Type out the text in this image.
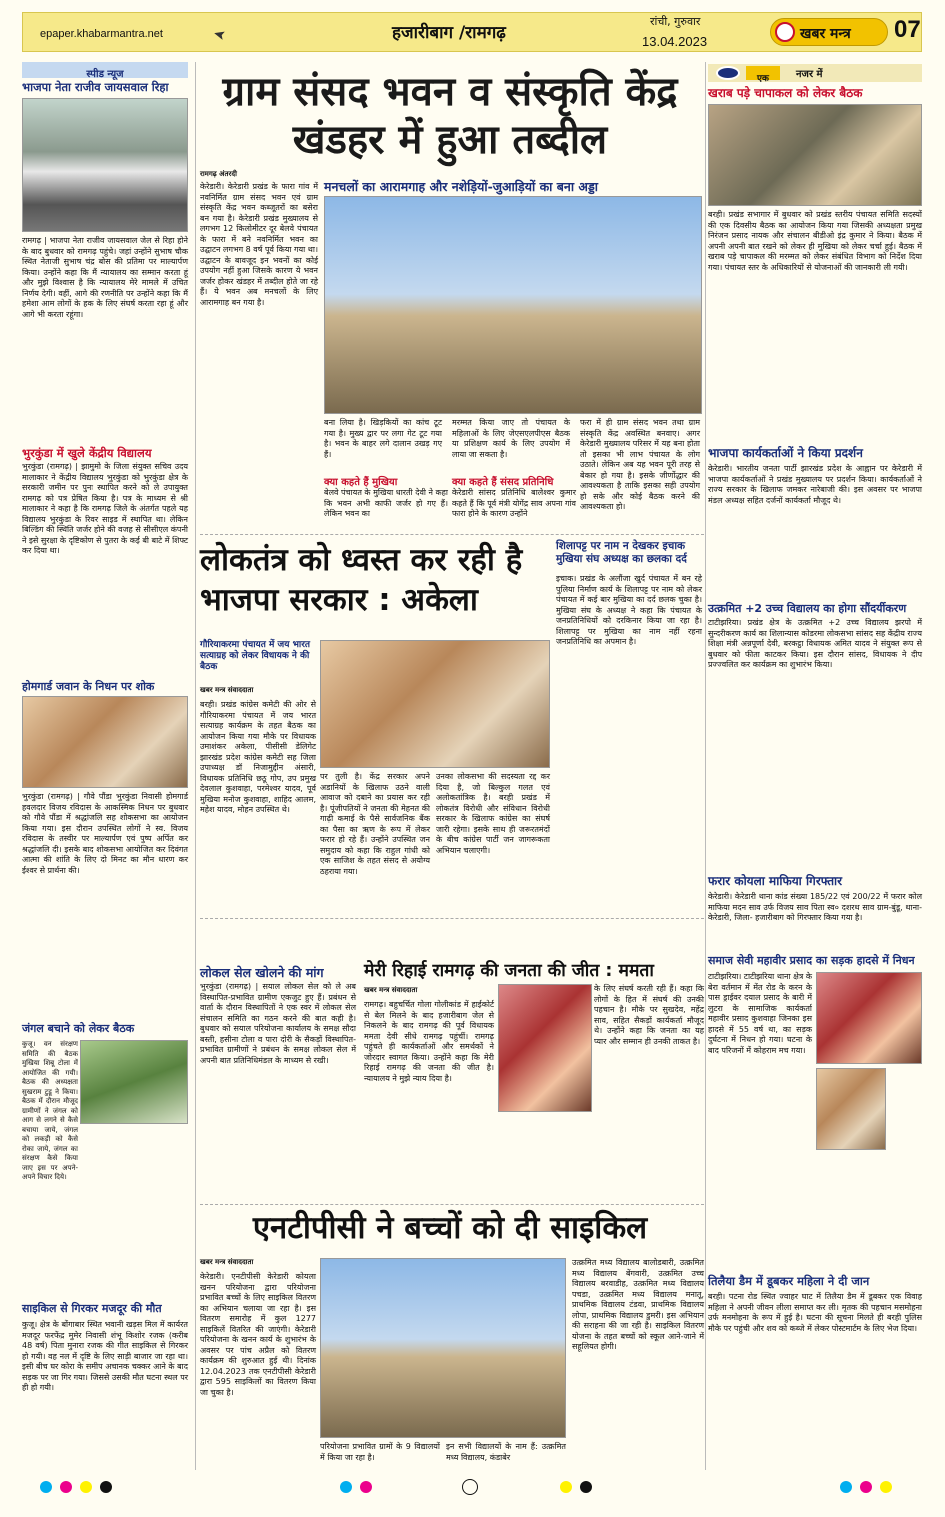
epaper.khabarmantra.net	हजारीबाग /रामगढ़
रांची, गुरुवार
13.04.2023	खबर मन्त्र 07
स्पीड न्यूज
भाजपा नेता राजीव जायसवाल रिहा
रामगढ़ | भाजपा नेता राजीव जायसवाल जेल से रिहा होने के बाद बुधवार को रामगढ़ पहुंचे। जहां उन्होंने सुभाष चौक स्थित नेताजी सुभाष चंद्र बोस की प्रतिमा पर माल्यार्पण किया। उन्होंने कहा कि मैं न्यायालय का सम्मान करता हूं और मुझे विश्वास है कि न्यायालय मेरे मामले में उचित निर्णय देगी। वहीं, आगे की रणनीति पर उन्होंने कहा कि मैं हमेशा आम लोगों के हक के लिए संघर्ष करता रहा हूं और आगे भी करता रहूंगा।
भुरकुंडा में खुले केंद्रीय विद्यालय
भुरकुंडा (रामगढ़) | झामुमो के जिला संयुक्त सचिव उदय मालाकार ने केंद्रीय विद्यालय भुरकुंडा को भुरकुंडा क्षेत्र के सरकारी जमीन पर पुनः स्थापित करने को ले उपायुक्त रामगढ़ को पत्र प्रेषित किया है। पत्र के माध्यम से श्री मालाकार ने कहा है कि रामगढ़ जिले के अंतर्गत पहले यह विद्यालय भुरकुंडा के रिवर साइड में स्थापित था। लेकिन बिल्डिंग की स्थिति जर्जर होने की वजह से सीसीएल कंपनी ने इसे सुरक्षा के दृष्टिकोण से पुतरा के कई बी बाटे में शिफ्ट कर दिया था।
होमगार्ड जवान के निधन पर शोक
भुरकुंडा (रामगढ़) | गौवे पौंडा भुरकुंडा निवासी होमगार्ड हवलदार विजय रविदास के आकस्मिक निधन पर बुधवार को गौवे पौंडा में श्रद्धांजलि सह शोकसभा का आयोजन किया गया। इस दौरान उपस्थित लोगों ने स्व. विजय रविदास के तस्वीर पर माल्यार्पण एवं पुष्प अर्पित कर श्रद्धांजलि दी। इसके बाद शोकसभा आयोजित कर दिवंगत आत्मा की शांति के लिए दो मिनट का मौन धारण कर ईश्वर से प्रार्थना की।
जंगल बचाने को लेकर बैठक
कुजू। वन संरक्षण समिति की बैठक मुखिया शिबू टोला में आयोजित की गयी। बैठक की अध्यक्षता सुखराम टुडू ने किया। बैठक में दौरान मौजूद ग्रामीणों ने जंगल को आग से लगने से कैसे बचाया जाये, जंगल को लकड़ी को कैसे रोका जाये, जंगल का संरक्षण कैसे किया जाए इस पर अपने-अपने विचार दिये।
साइकिल से गिरकर मजदूर की मौत
कुजू। क्षेत्र के बोंगाबार स्थित भवानी खड़स मिल में कार्यरत मजदूर फरफेंद्र मुमेर निवासी शंभू किशोर रजक (करीब 48 वर्ष) पिता मुनारा रजक की गीत साइकिल से गिरकर हो गयी। वह नल में दृष्टि के लिए साड़ी बाजार जा रहा था। इसी बीच घर कोरा के समीप अचानक चक्कर आने के बाद सड़क पर जा गिर गया। जिससे उसकी मौत घटना स्थल पर ही हो गयी।
ग्राम संसद भवन व संस्कृति केंद्र खंडहर में हुआ तब्दील
रामगढ़ अंतरदी
मनचलों का आरामगाह और नशेड़ियों-जुआड़ियों का बना अड्डा
केरेडारी। केरेडारी प्रखंड के फारा गांव में नवनिर्मित ग्राम संसद भवन एवं ग्राम संस्कृति केंद्र भवन कब्जूतरों का बसेरा बन गया है। केरेडारी प्रखंड मुख्यालय से लगभग 12 किलोमीटर दूर बेलवे पंचायत के फारा में बने नवनिर्मित भवन का उद्घाटन लगभग 8 वर्ष पूर्व किया गया था। उद्घाटन के बावजूद इन भवनों का कोई उपयोग नहीं हुआ जिसके कारण ये भवन जर्जर होकर खंडहर में तब्दील होते जा रहे हैं। ये भवन अब मनचलों के लिए आरामगाह बन गया है।
बना लिया है। खिड़कियों का कांच टूट गया है। मुख्य द्वार पर लगा गेट टूट गया है। भवन के बाहर लगे दालान उखड़ गए हैं।
मरम्मत किया जाए तो पंचायत के महिलाओं के लिए जेएसएलपीएस बैठक या प्रशिक्षण कार्य के लिए उपयोग में लाया जा सकता है।
फरा में ही ग्राम संसद भवन तथा ग्राम संस्कृति केंद्र अवस्थित बनवाए। अगर केरेडारी मुख्यालय परिसर में यह बना होता तो इसका भी लाभ पंचायत के लोग उठाते। लेकिन अब यह भवन पूरी तरह से बेकार हो गया है। इसके जीर्णोद्धार की आवश्यकता है ताकि इसका सही उपयोग हो सके और कोई बैठक करने की आवश्यकता हो।
क्या कहते हैं मुखिया
बेलवे पंचायत के मुखिया धारती देवी ने कहा कि भवन अभी काफी जर्जर हो गए हैं। लेकिन भवन का
क्या कहते हैं संसद प्रतिनिधि
केरेडारी सांसद प्रतिनिधि बालेश्वर कुमार कहते हैं कि पूर्व मंत्री योगेंद्र साव अपना गांव फारा होने के कारण उन्होंने
लोकतंत्र को ध्वस्त कर रही है भाजपा सरकार : अकेला
गौरियाकरमा पंचायत में जय भारत सत्याग्रह को लेकर विधायक ने की बैठक
खबर मन्त्र संवाददाता
बरही। प्रखंड कांग्रेस कमेटी की ओर से गौरियाकरमा पंचायत में जय भारत सत्याग्रह कार्यक्रम के तहत बैठक का आयोजन किया गया मौके पर विधायक उमाशंकर अकेला, पीसीसी डेलिगेट झारखंड प्रदेश कांग्रेस कमेटी सह जिला उपाध्यक्ष डॉ निजामुद्दीन अंसारी, विधायक प्रतिनिधि छठू गोप, उप प्रमुख देवलाल कुशवाहा, परमेश्वर यादव, पूर्व मुखिया मनोज कुशवाहा, शाहिद आलम, महेश यादव, मोहन उपस्थित थे।
पर तुली है। केंद्र सरकार अपने अडानियों के खिलाफ उठने वाली आवाज को दबाने का प्रयास कर रही है। पूंजीपतियों ने जनता की मेहनत की गाढ़ी कमाई के पैसे सार्वजनिक बैंक का पैसा का ऋण के रूप में लेकर फरार हो रहे हैं। उन्होंने उपस्थित जन समुदाय को कहा कि राहुल गांधी को एक साजिश के तहत संसद से अयोग्य ठहराया गया।
उनका लोकसभा की सदस्यता रद्द कर दिया है, जो बिल्कुल गलत एवं अलोकतांत्रिक है। बरही प्रखंड में लोकतंत्र विरोधी और संविधान विरोधी सरकार के खिलाफ कांग्रेस का संघर्ष जारी रहेगा। इसके साथ ही जरूरतमंदों के बीच कांग्रेस पार्टी जन जागरूकता अभियान चलाएगी।
शिलापट्ट पर नाम न देखकर इचाक मुखिया संघ अध्यक्ष का छलका दर्द
इचाक। प्रखंड के अलौंजा खुर्द पंचायत में बन रहे पुलिया निर्माण कार्य के शिलापट्ट पर नाम को लेकर पंचायत में कई बार मुखिया का दर्द छलक चुका है। मुखिया संघ के अध्यक्ष ने कहा कि पंचायत के जनप्रतिनिधियों को दरकिनार किया जा रहा है। शिलापट्ट पर मुखिया का नाम नहीं रहना जनप्रतिनिधि का अपमान है।
लोकल सेल खोलने की मांग
भुरकुंडा (रामगढ़) | सयाल लोकल सेल को ले अब विस्थापित-प्रभावित ग्रामीण एकजुट हुए हैं। प्रबंधन से वार्ता के दौरान विस्थापितों ने एक स्वर में लोकल सेल संचालन समिति का गठन करने की बात कही है। बुधवार को सयाल परियोजना कार्यालय के समक्ष सौदा बस्ती, हसीना टोला व पारा दोरी के सैकड़ों विस्थापित-प्रभावित ग्रामीणों ने प्रबंधन के समक्ष लोकल सेल में अपनी बात प्रतिनिधिमंडल के माध्यम से रखी।
मेरी रिहाई रामगढ़ की जनता की जीत : ममता
खबर मन्त्र संवाददाता
रामगढ़। बहुचर्चित गोला गोलीकांड में हाईकोर्ट से बेल मिलने के बाद हजारीबाग जेल से निकलने के बाद रामगढ़ की पूर्व विधायक ममता देवी सीधे रामगढ़ पहुंचीं। रामगढ़ पहुंचते ही कार्यकर्ताओं और समर्थकों ने जोरदार स्वागत किया। उन्होंने कहा कि मेरी रिहाई रामगढ़ की जनता की जीत है। न्यायालय ने मुझे न्याय दिया है।
के लिए संघर्ष करती रही हैं। कहा कि लोगों के हित में संघर्ष की उनकी पहचान है। मौके पर सुखदेव, महेंद्र साव, सहित सैकड़ों कार्यकर्ता मौजूद थे। उन्होंने कहा कि जनता का यह प्यार और सम्मान ही उनकी ताकत है।
एनटीपीसी ने बच्चों को दी साइकिल
खबर मन्त्र संवाददाता
केरेडारी। एनटीपीसी केरेडारी कोयला खनन परियोजना द्वारा परियोजना प्रभावित बच्चों के लिए साइकिल वितरण का अभियान चलाया जा रहा है। इस वितरण समारोह में कुल 1277 साइकिलें वितरित की जाएंगी। केरेडारी परियोजना के खनन कार्य के शुभारंभ के अवसर पर पांच अप्रैल को वितरण कार्यक्रम की शुरुआत हुई थी। दिनांक 12.04.2023 तक एनटीपीसी केरेडारी द्वारा 595 साइकिलों का वितरण किया जा चुका है।
परियोजना प्रभावित ग्रामों के 9 विद्यालयों में किया जा रहा है।
इन सभी विद्यालयों के नाम हैं: उत्क्रमित मध्य विद्यालय, कंडाबेर
उत्क्रमित मध्य विद्यालय बालोडबारी, उत्क्रमित मध्य विद्यालय बेंगवारी, उत्क्रमित उच्च विद्यालय बरवाडीह, उत्क्रमित मध्य विद्यालय पचडा, उत्क्रमित मध्य विद्यालय मनातू, प्राथमिक विद्यालय टंडवा, प्राथमिक विद्यालय लोपा, प्राथमिक विद्यालय डुमरी। इस अभियान की सराहना की जा रही है। साइकिल वितरण योजना के तहत बच्चों को स्कूल आने-जाने में सहूलियत होगी।
एक	नजर में
खराब पड़े चापाकल को लेकर बैठक
बरही। प्रखंड सभागार में बुधवार को प्रखंड स्तरीय पंचायत समिति सदस्यों की एक दिवसीय बैठक का आयोजन किया गया जिसकी अध्यक्षता प्रमुख निरंजन प्रसाद नायक और संचालन बीडीओ इंद्र कुमार ने किया। बैठक में अपनी अपनी बात रखने को लेकर ही मुखिया को लेकर चर्चा हुई। बैठक में खराब पड़े चापाकल की मरम्मत को लेकर संबंधित विभाग को निर्देश दिया गया। पंचायत स्तर के अधिकारियों से योजनाओं की जानकारी ली गयी।
भाजपा कार्यकर्ताओं ने किया प्रदर्शन
केरेडारी। भारतीय जनता पार्टी झारखंड प्रदेश के आह्वान पर केरेडारी में भाजपा कार्यकर्ताओं ने प्रखंड मुख्यालय पर प्रदर्शन किया। कार्यकर्ताओं ने राज्य सरकार के खिलाफ जमकर नारेबाजी की। इस अवसर पर भाजपा मंडल अध्यक्ष सहित दर्जनों कार्यकर्ता मौजूद थे।
उत्क्रमित +2 उच्च विद्यालय का होगा सौंदर्यीकरण
टाटीझरिया। प्रखंड क्षेत्र के उत्क्रमित +2 उच्च विद्यालय झरपो में सुन्दरीकरण कार्य का शिलान्यास कोडरमा लोकसभा सांसद सह केंद्रीय राज्य शिक्षा मंत्री अन्नपूर्णा देवी, बरकट्ठा विधायक अमित यादव ने संयुक्त रूप से बुधवार को फीता काटकर किया। इस दौरान सांसद, विधायक ने दीप प्रज्ज्वलित कर कार्यक्रम का शुभारंभ किया।
फरार कोयला माफिया गिरफ्तार
केरेडारी। केरेडारी थाना कांड संख्या 185/22 एवं 200/22 में फरार कोल माफिया मदन साव उर्फ विजय साव पिता स्व० दशरथ साव ग्राम-बुंडू, थाना- केरेडारी, जिला- हजारीबाग को गिरफ्तार किया गया है।
समाज सेवी महावीर प्रसाद का सड़क हादसे में निधन
टाटीझरिया। टाटीझरिया थाना क्षेत्र के बेरा वर्तमान में मेंत रोड के करन के पास ड्राईवर दयाल प्रसाद के बारी में लुटरा के सामाजिक कार्यकर्ता महावीर प्रसाद कुशवाहा जिनका इस हादसे में 55 वर्ष था, का सड़क दुर्घटना में निधन हो गया। घटना के बाद परिजनों में कोहराम मच गया।
तिलैया डैम में डूबकर महिला ने दी जान
बरही। पटना रोड स्थित ज्वाहर घाट में तिलैया डैम में डूबकर एक विवाह महिला ने अपनी जीवन लीला समाप्त कर ली। मृतक की पहचान मसमोहना उर्फ मनमोहना के रूप में हुई है। घटना की सूचना मिलते ही बरही पुलिस मौके पर पहुंची और शव को कब्जे में लेकर पोस्टमार्टम के लिए भेज दिया।
